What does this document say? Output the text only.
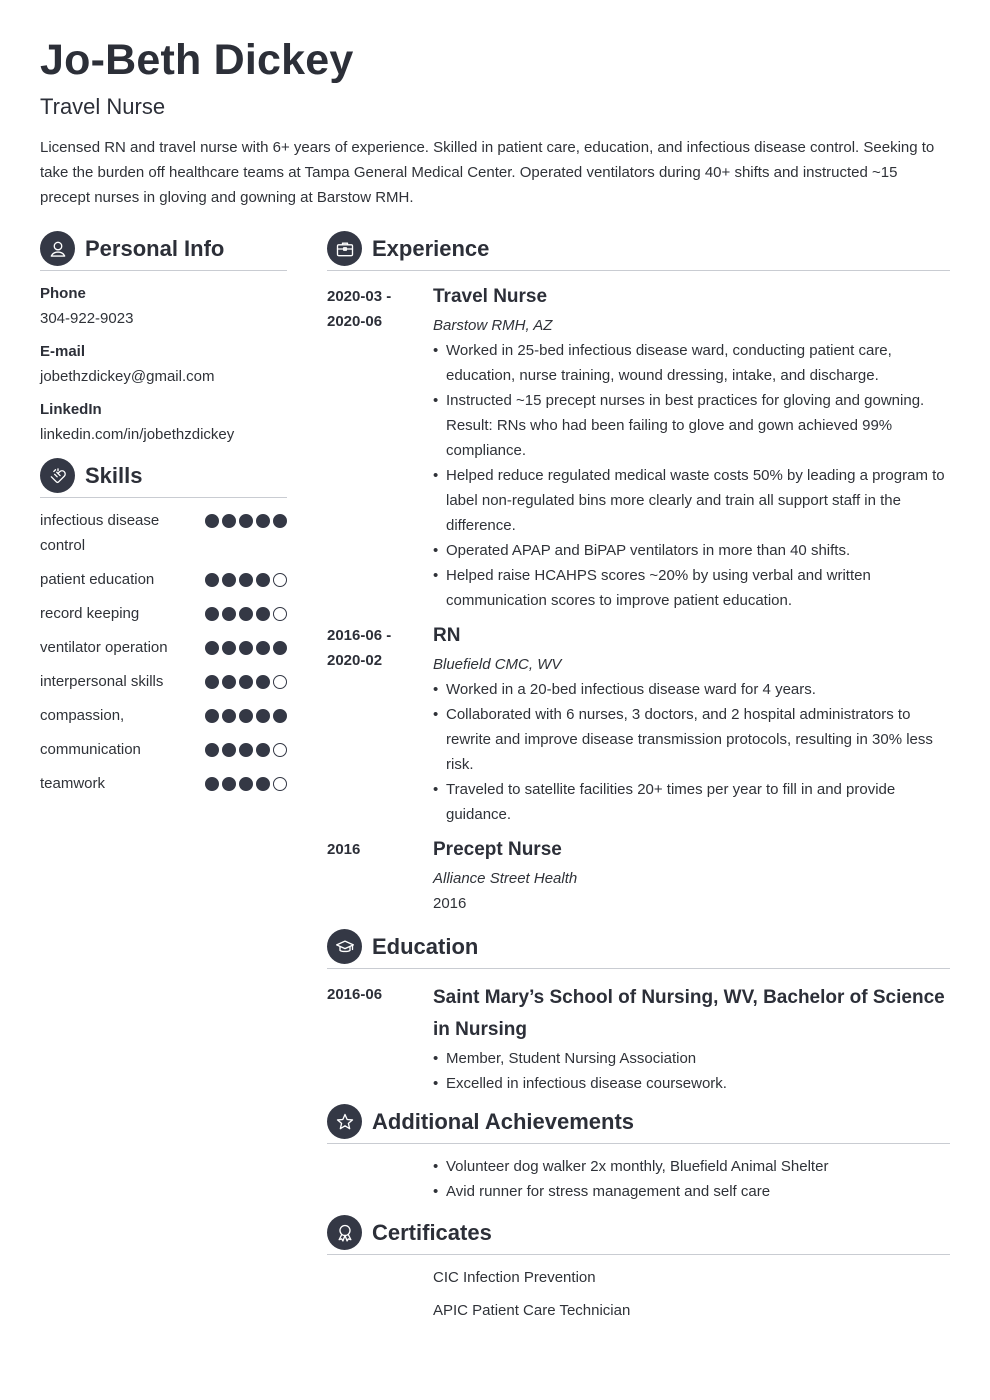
Jo-Beth Dickey
Travel Nurse

Licensed RN and travel nurse with 6+ years of experience. Skilled in patient care, education, and infectious disease control. Seeking to take the burden off healthcare teams at Tampa General Medical Center. Operated ventilators during 40+ shifts and instructed ~15 precept nurses in gloving and gowning at Barstow RMH.

Personal Info
Phone
304-922-9023
E-mail
jobethzdickey@gmail.com
LinkedIn
linkedin.com/in/jobethzdickey
Skills
infectious disease control
patient education
record keeping
ventilator operation
interpersonal skills
compassion,
communication
teamwork
Experience
2020-03 -
2020-06
Travel Nurse
Barstow RMH, AZ
• Worked in 25-bed infectious disease ward, conducting patient care, education, nurse training, wound dressing, intake, and discharge.
• Instructed ~15 precept nurses in best practices for gloving and gowning. Result: RNs who had been failing to glove and gown achieved 99% compliance.
• Helped reduce regulated medical waste costs 50% by leading a program to label non-regulated bins more clearly and train all support staff in the difference.
• Operated APAP and BiPAP ventilators in more than 40 shifts.
• Helped raise HCAHPS scores ~20% by using verbal and written communication scores to improve patient education.
2016-06 -
2020-02
RN
Bluefield CMC, WV
• Worked in a 20-bed infectious disease ward for 4 years.
• Collaborated with 6 nurses, 3 doctors, and 2 hospital administrators to rewrite and improve disease transmission protocols, resulting in 30% less risk.
• Traveled to satellite facilities 20+ times per year to fill in and provide guidance.
2016	Precept Nurse
Alliance Street Health
2016
Education
2016-06	Saint Mary’s School of Nursing, WV, Bachelor of Science in Nursing
• Member, Student Nursing Association
• Excelled in infectious disease coursework.
Additional Achievements
• Volunteer dog walker 2x monthly, Bluefield Animal Shelter
• Avid runner for stress management and self care
Certificates
CIC Infection Prevention
APIC Patient Care Technician
